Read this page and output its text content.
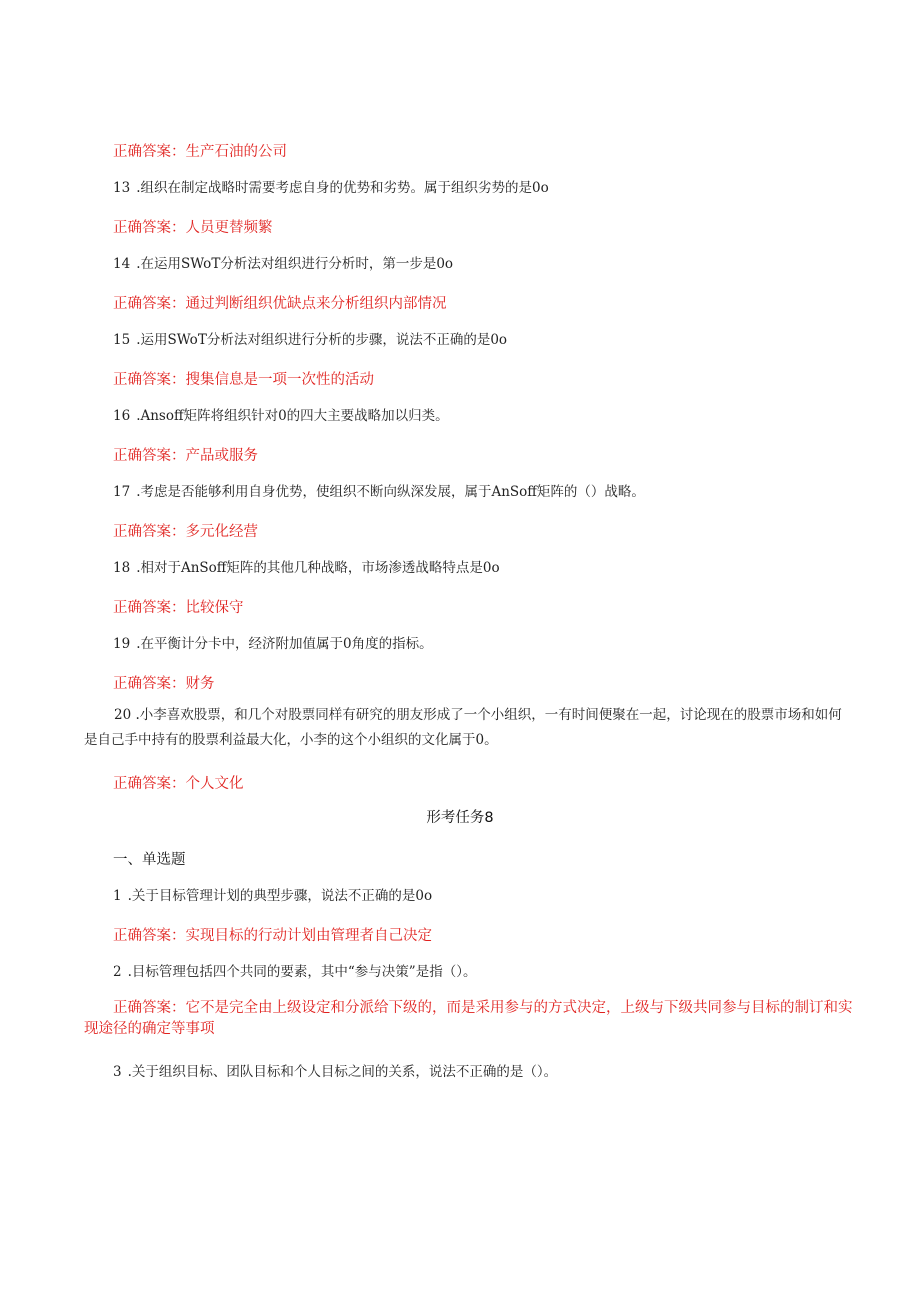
正确答案：生产石油的公司
13 .组织在制定战略时需要考虑自身的优势和劣势。属于组织劣势的是0o
正确答案：人员更替频繁
14 .在运用SWoT分析法对组织进行分析时，第一步是0o
正确答案：通过判断组织优缺点来分析组织内部情况
15 .运用SWoT分析法对组织进行分析的步骤，说法不正确的是0o
正确答案：搜集信息是一项一次性的活动
16 .Ansoff矩阵将组织针对0的四大主要战略加以归类。
正确答案：产品或服务
17 .考虑是否能够利用自身优势，使组织不断向纵深发展，属于AnSoff矩阵的（）战略。
正确答案：多元化经营
18 .相对于AnSoff矩阵的其他几种战略，市场渗透战略特点是0o
正确答案：比较保守
19 .在平衡计分卡中，经济附加值属于0角度的指标。
正确答案：财务
20 .小李喜欢股票，和几个对股票同样有研究的朋友形成了一个小组织，一有时间便聚在一起，讨论现在的股票市场和如何是自己手中持有的股票利益最大化，小李的这个小组织的文化属于0。
正确答案：个人文化
形考任务8
一、单选题
1 .关于目标管理计划的典型步骤，说法不正确的是0o
正确答案：实现目标的行动计划由管理者自己决定
2 .目标管理包括四个共同的要素，其中“参与决策”是指（）。
正确答案：它不是完全由上级设定和分派给下级的，而是采用参与的方式决定，上级与下级共同参与目标的制订和实现途径的确定等事项
3 .关于组织目标、团队目标和个人目标之间的关系，说法不正确的是（）。
